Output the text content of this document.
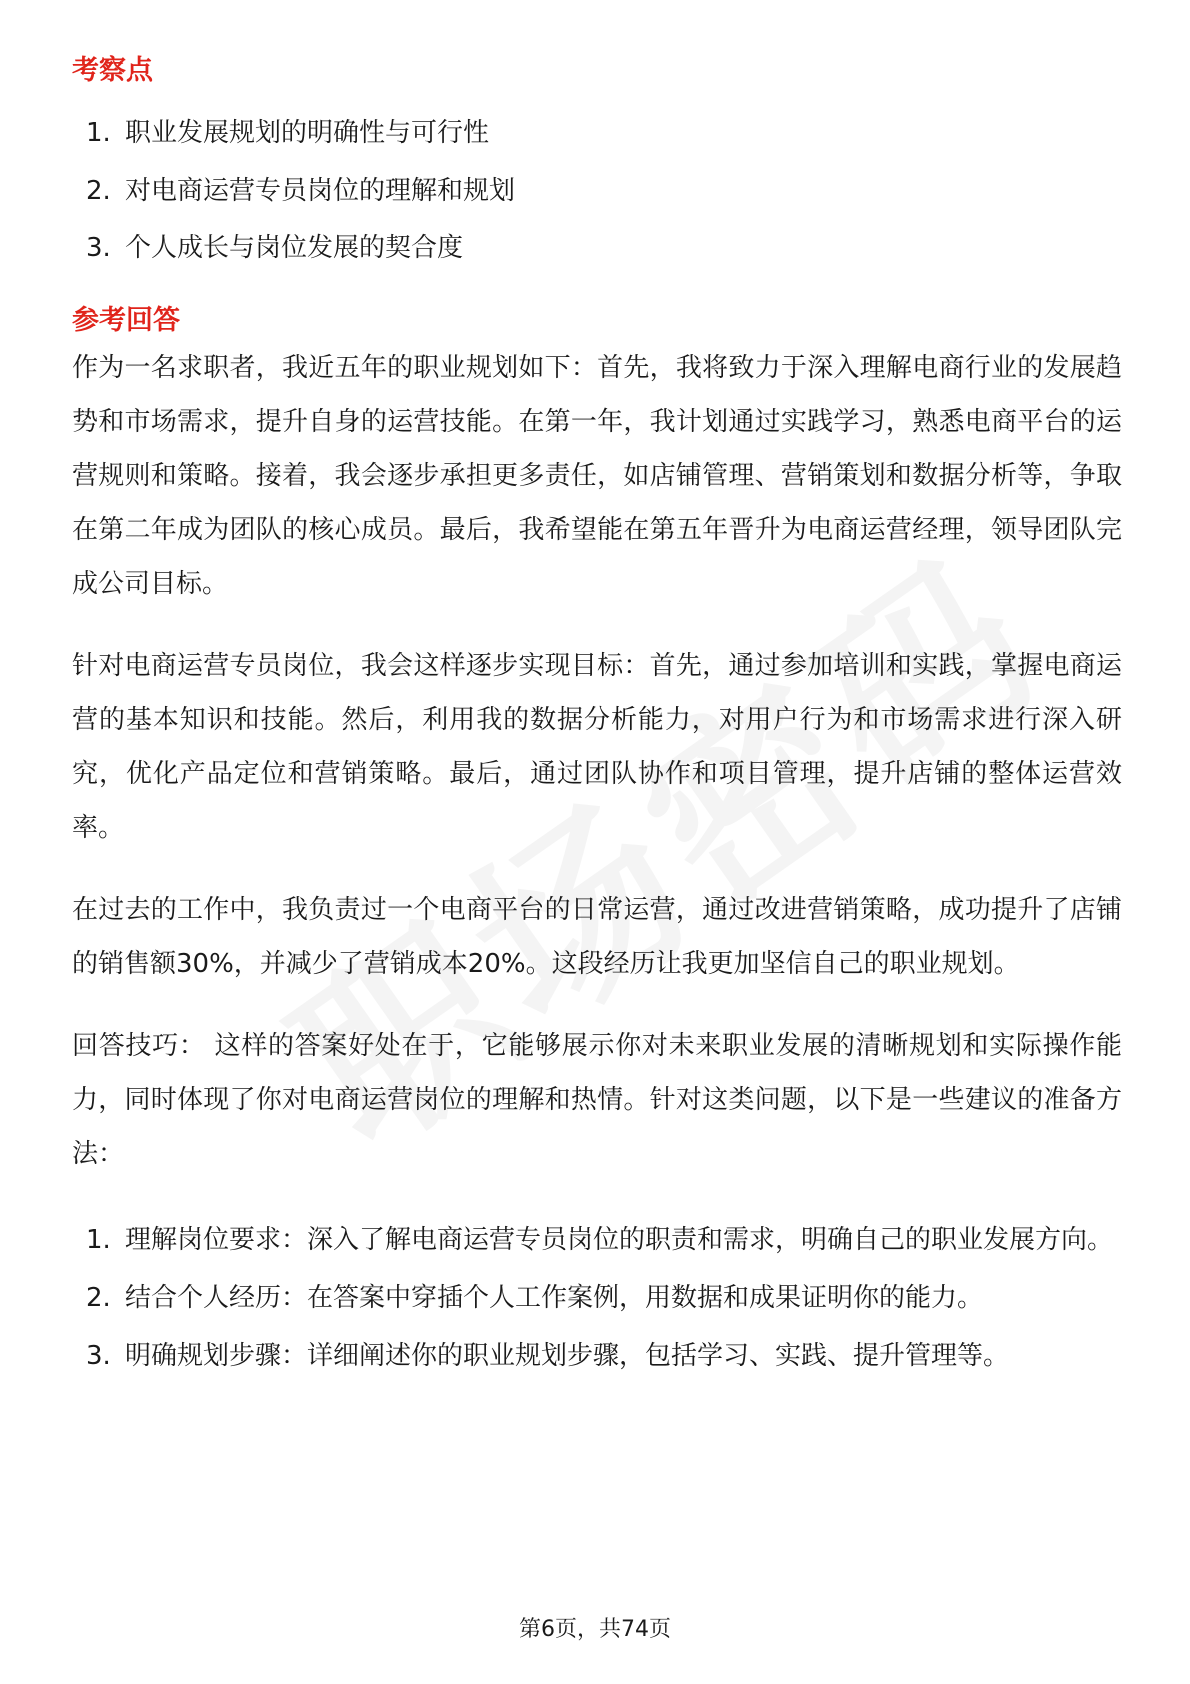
考察点
1. 职业发展规划的明确性与可行性
2. 对电商运营专员岗位的理解和规划
3. 个人成长与岗位发展的契合度
参考回答

作为一名求职者，我近五年的职业规划如下：首先，我将致力于深入理解电商行业的发展趋势和市场需求，提升自身的运营技能。在第一年，我计划通过实践学习，熟悉电商平台的运营规则和策略。接着，我会逐步承担更多责任，如店铺管理、营销策划和数据分析等，争取在第二年成为团队的核心成员。最后，我希望能在第五年晋升为电商运营经理，领导团队完成公司目标。

针对电商运营专员岗位，我会这样逐步实现目标：首先，通过参加培训和实践，掌握电商运营的基本知识和技能。然后，利用我的数据分析能力，对用户行为和市场需求进行深入研究，优化产品定位和营销策略。最后，通过团队协作和项目管理，提升店铺的整体运营效率。

在过去的工作中，我负责过一个电商平台的日常运营，通过改进营销策略，成功提升了店铺的销售额30%，并减少了营销成本20%。这段经历让我更加坚信自己的职业规划。

回答技巧： 这样的答案好处在于，它能够展示你对未来职业发展的清晰规划和实际操作能力，同时体现了你对电商运营岗位的理解和热情。针对这类问题，以下是一些建议的准备方法：

1. 理解岗位要求：深入了解电商运营专员岗位的职责和需求，明确自己的职业发展方向。
2. 结合个人经历：在答案中穿插个人工作案例，用数据和成果证明你的能力。
3. 明确规划步骤：详细阐述你的职业规划步骤，包括学习、实践、提升管理等。
第6页，共74页
